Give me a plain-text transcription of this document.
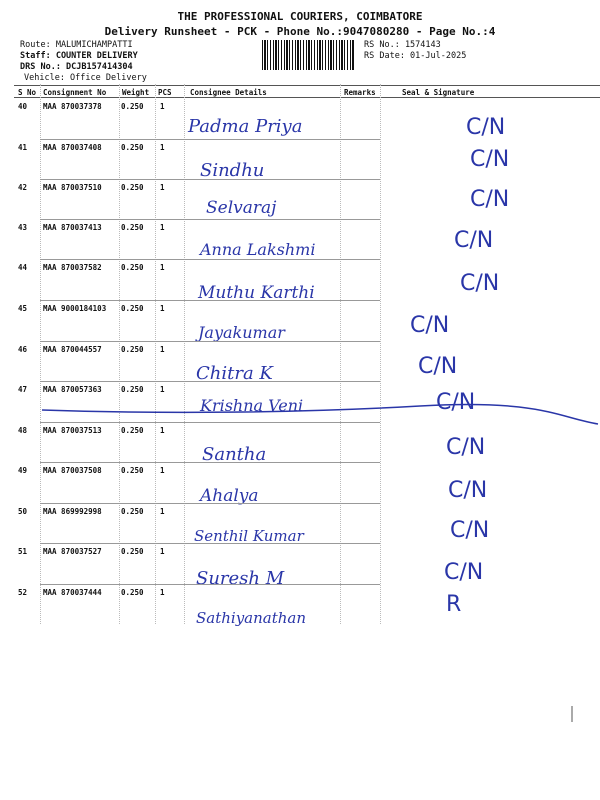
THE PROFESSIONAL COURIERS, COIMBATORE
Delivery Runsheet - PCK - Phone No.:9047080280 - Page No.:4
Route: MALUMICHAMPATTI
Staff: COUNTER DELIVERY
DRS No.: DCJB157414304
Vehicle: Office Delivery
RS No.: 1574143
RS Date: 01-Jul-2025
S No Consignment No Weight PCS Consignee Details	Remarks	Seal & Signature
40 MAA 870037378	0.250 1
Padma Priya	C/N
41 MAA 870037408	0.250 1
Sindhu	C/N
42 MAA 870037510	0.250 1
Selvaraj	C/N
43 MAA 870037413	0.250 1
Anna Lakshmi	C/N
44 MAA 870037582	0.250 1
Muthu Karthi	C/N
45 MAA 9000184103 0.250 1
Jayakumar	C/N
46 MAA 870044557	0.250 1
Chitra K	C/N
47 MAA 870057363	0.250 1
Krishna Veni	C/N
48 MAA 870037513	0.250 1
Santha	C/N
49 MAA 870037508	0.250 1
Ahalya	C/N
50 MAA 869992998	0.250 1
Senthil Kumar	C/N
51 MAA 870037527	0.250 1
Suresh M	C/N
52 MAA 870037444	0.250 1
Sathiyanathan
R
